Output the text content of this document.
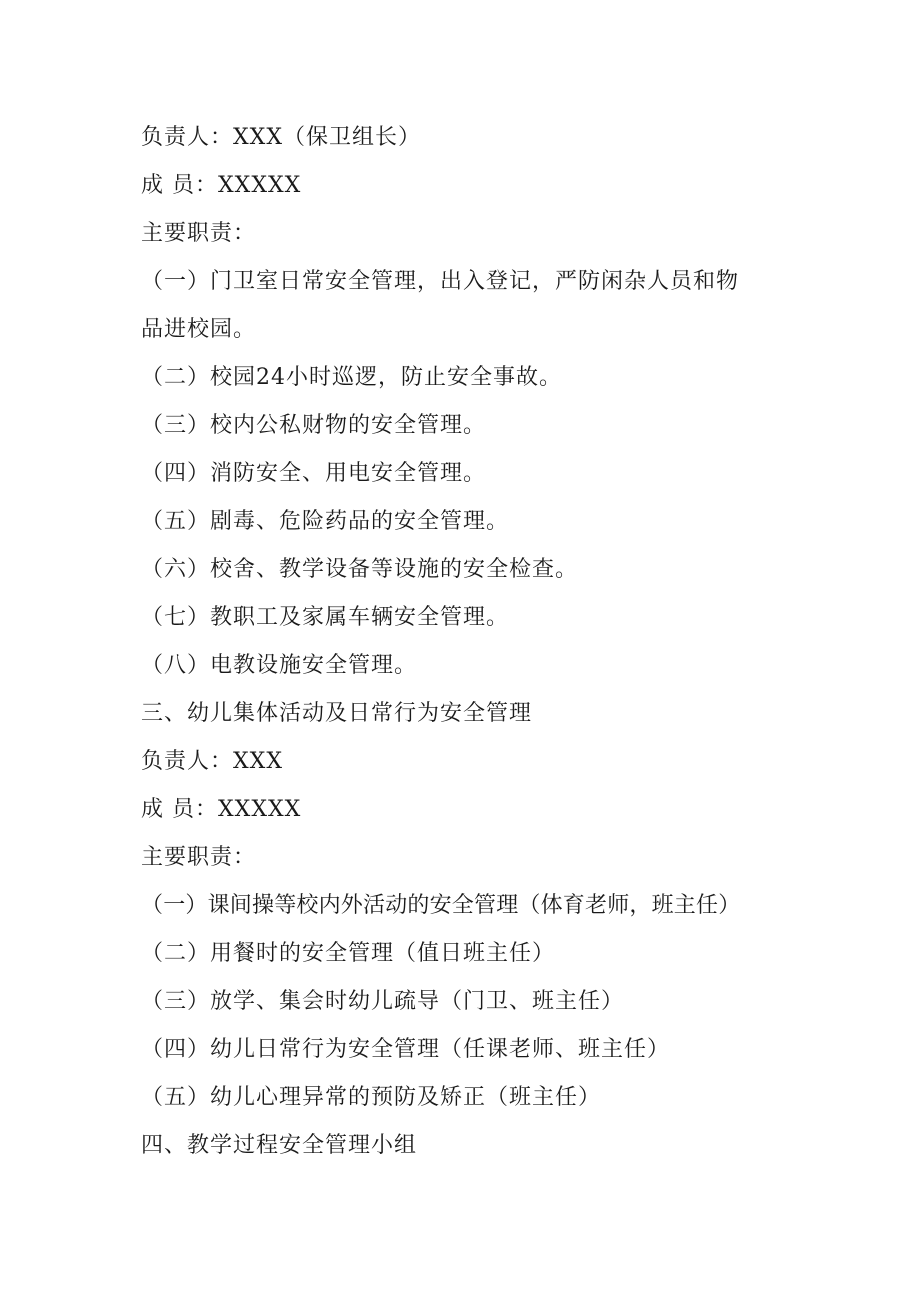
负责人：XXX（保卫组长）
成 员：XXXXX
主要职责：
（一）门卫室日常安全管理，出入登记，严防闲杂人员和物
品进校园。
（二）校园24小时巡逻，防止安全事故。
（三）校内公私财物的安全管理。
（四）消防安全、用电安全管理。
（五）剧毒、危险药品的安全管理。
（六）校舍、教学设备等设施的安全检查。
（七）教职工及家属车辆安全管理。
（八）电教设施安全管理。
三、幼儿集体活动及日常行为安全管理
负责人：XXX
成 员：XXXXX
主要职责：
（一）课间操等校内外活动的安全管理（体育老师，班主任）
（二）用餐时的安全管理（值日班主任）
（三）放学、集会时幼儿疏导（门卫、班主任）
（四）幼儿日常行为安全管理（任课老师、班主任）
（五）幼儿心理异常的预防及矫正（班主任）
四、教学过程安全管理小组
